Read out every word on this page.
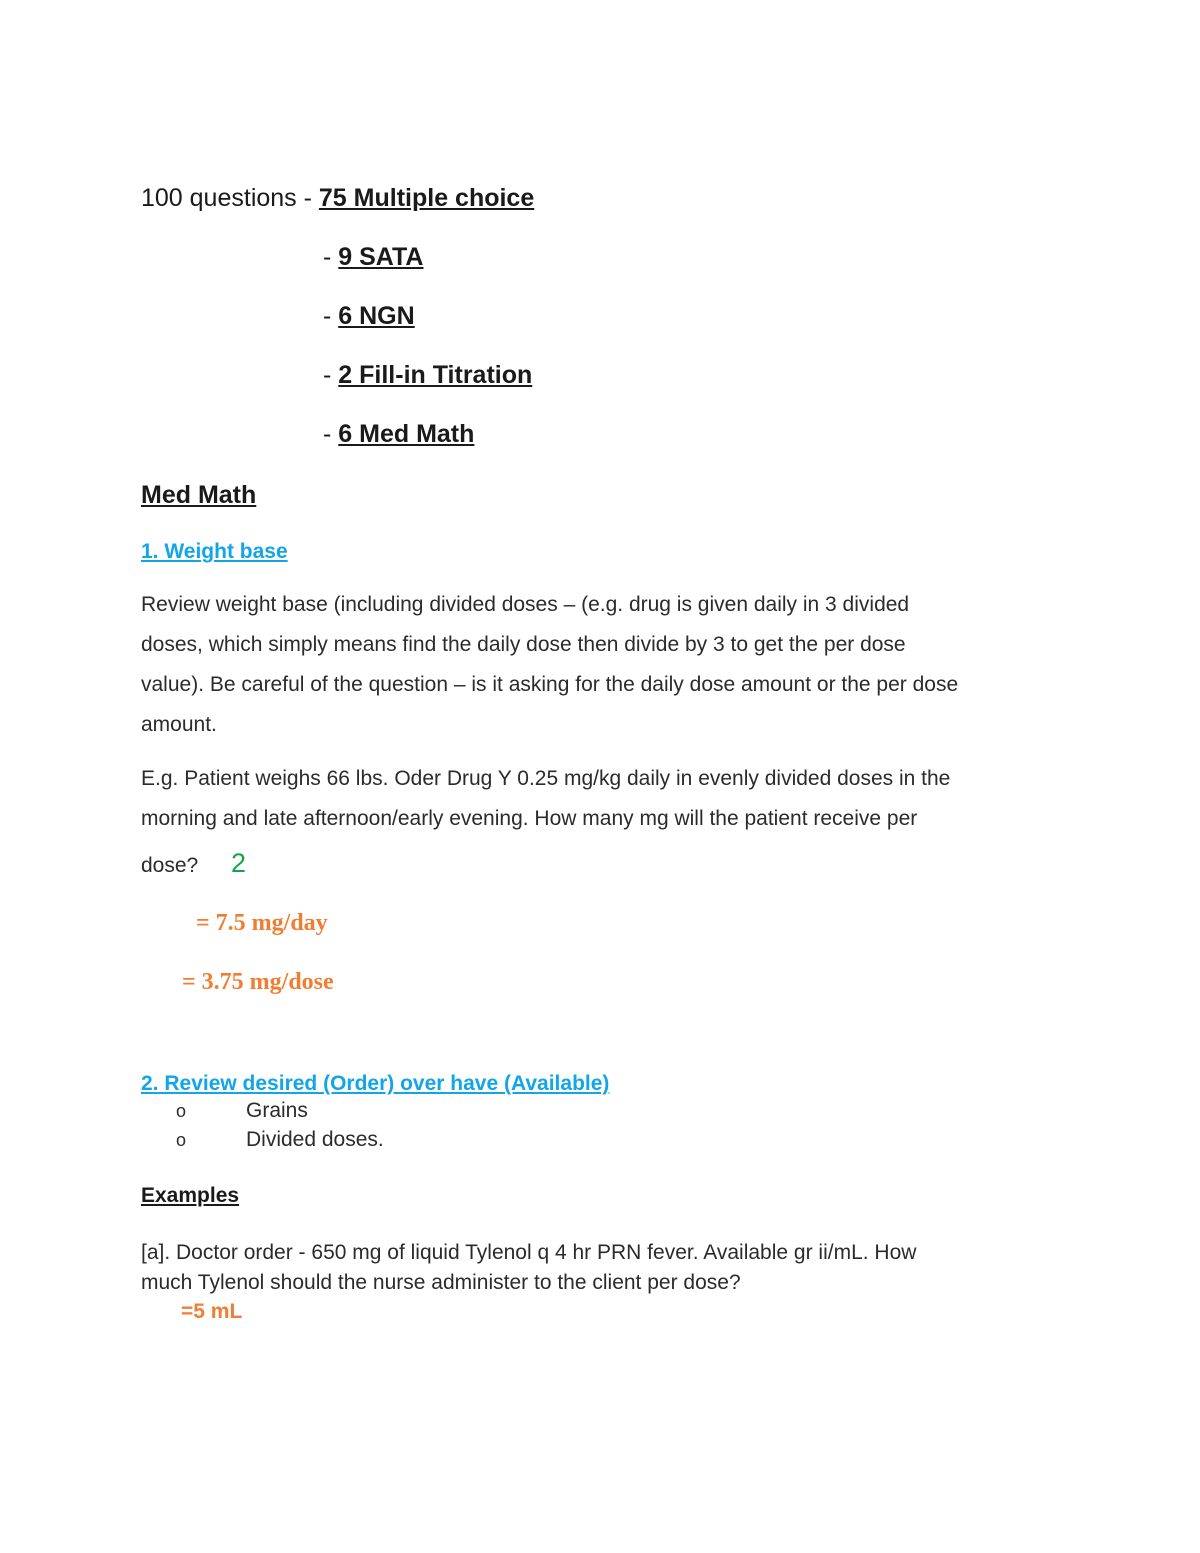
100 questions - 75 Multiple choice
- 9 SATA
- 6 NGN
- 2 Fill-in Titration
- 6 Med Math
Med Math
1. Weight base
Review weight base (including divided doses – (e.g. drug is given daily in 3 divided
doses, which simply means find the daily dose then divide by 3 to get the per dose
value). Be careful of the question – is it asking for the daily dose amount or the per dose
amount.
E.g. Patient weighs 66 lbs. Oder Drug Y 0.25 mg/kg daily in evenly divided doses in the
morning and late afternoon/early evening. How many mg will the patient receive per
dose? 2
= 7.5 mg/day
= 3.75 mg/dose
2. Review desired (Order) over have (Available)
o	Grains
o	Divided doses.
Examples
[a]. Doctor order - 650 mg of liquid Tylenol q 4 hr PRN fever. Available gr ii/mL. How
much Tylenol should the nurse administer to the client per dose?
=5 mL
